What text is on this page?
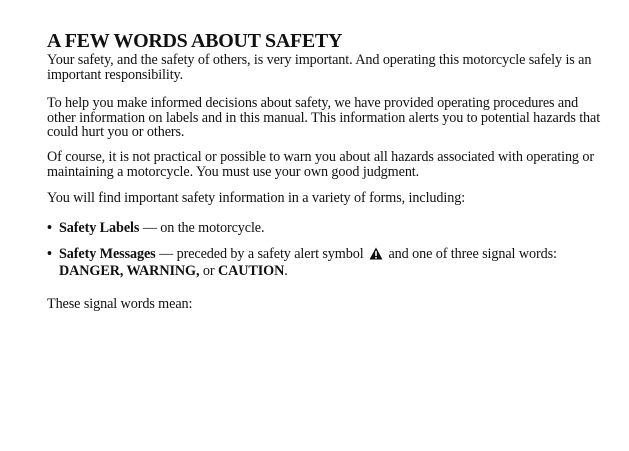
A FEW WORDS ABOUT SAFETY

Your safety, and the safety of others, is very important. And operating this motorcycle safely is an important responsibility.

To help you make informed decisions about safety, we have provided operating procedures and other information on labels and in this manual. This information alerts you to potential hazards that could hurt you or others.

Of course, it is not practical or possible to warn you about all hazards associated with operating or maintaining a motorcycle. You must use your own good judgment.

You will find important safety information in a variety of forms, including:

• Safety Labels — on the motorcycle.

• Safety Messages — preceded by a safety alert symbol  and one of three signal words:
DANGER, WARNING, or CAUTION.

These signal words mean:
